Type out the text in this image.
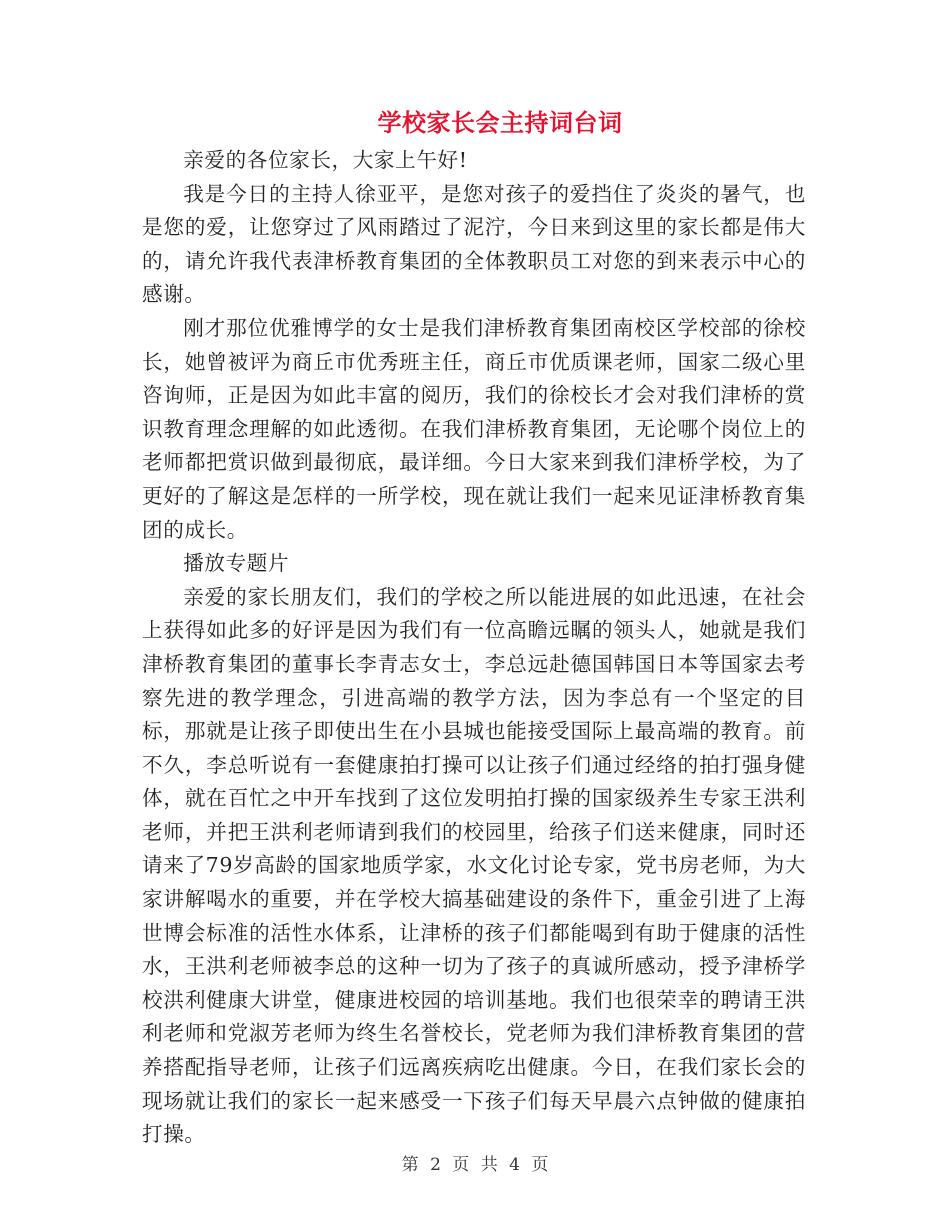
学校家长会主持词台词

亲爱的各位家长，大家上午好!

我是今日的主持人徐亚平，是您对孩子的爱挡住了炎炎的暑气，也是您的爱，让您穿过了风雨踏过了泥泞，今日来到这里的家长都是伟大的，请允许我代表津桥教育集团的全体教职员工对您的到来表示中心的感谢。

刚才那位优雅博学的女士是我们津桥教育集团南校区学校部的徐校长，她曾被评为商丘市优秀班主任，商丘市优质课老师，国家二级心里咨询师，正是因为如此丰富的阅历，我们的徐校长才会对我们津桥的赏识教育理念理解的如此透彻。在我们津桥教育集团，无论哪个岗位上的老师都把赏识做到最彻底，最详细。今日大家来到我们津桥学校，为了更好的了解这是怎样的一所学校，现在就让我们一起来见证津桥教育集团的成长。

播放专题片

亲爱的家长朋友们，我们的学校之所以能进展的如此迅速，在社会上获得如此多的好评是因为我们有一位高瞻远瞩的领头人，她就是我们津桥教育集团的董事长李青志女士，李总远赴德国韩国日本等国家去考察先进的教学理念，引进高端的教学方法，因为李总有一个坚定的目标，那就是让孩子即使出生在小县城也能接受国际上最高端的教育。前不久，李总听说有一套健康拍打操可以让孩子们通过经络的拍打强身健体，就在百忙之中开车找到了这位发明拍打操的国家级养生专家王洪利老师，并把王洪利老师请到我们的校园里，给孩子们送来健康，同时还请来了79岁高龄的国家地质学家，水文化讨论专家，党书房老师，为大家讲解喝水的重要，并在学校大搞基础建设的条件下，重金引进了上海世博会标准的活性水体系，让津桥的孩子们都能喝到有助于健康的活性水，王洪利老师被李总的这种一切为了孩子的真诚所感动，授予津桥学校洪利健康大讲堂，健康进校园的培训基地。我们也很荣幸的聘请王洪利老师和党淑芳老师为终生名誉校长，党老师为我们津桥教育集团的营养搭配指导老师，让孩子们远离疾病吃出健康。今日，在我们家长会的现场就让我们的家长一起来感受一下孩子们每天早晨六点钟做的健康拍打操。

第 2 页 共 4 页
